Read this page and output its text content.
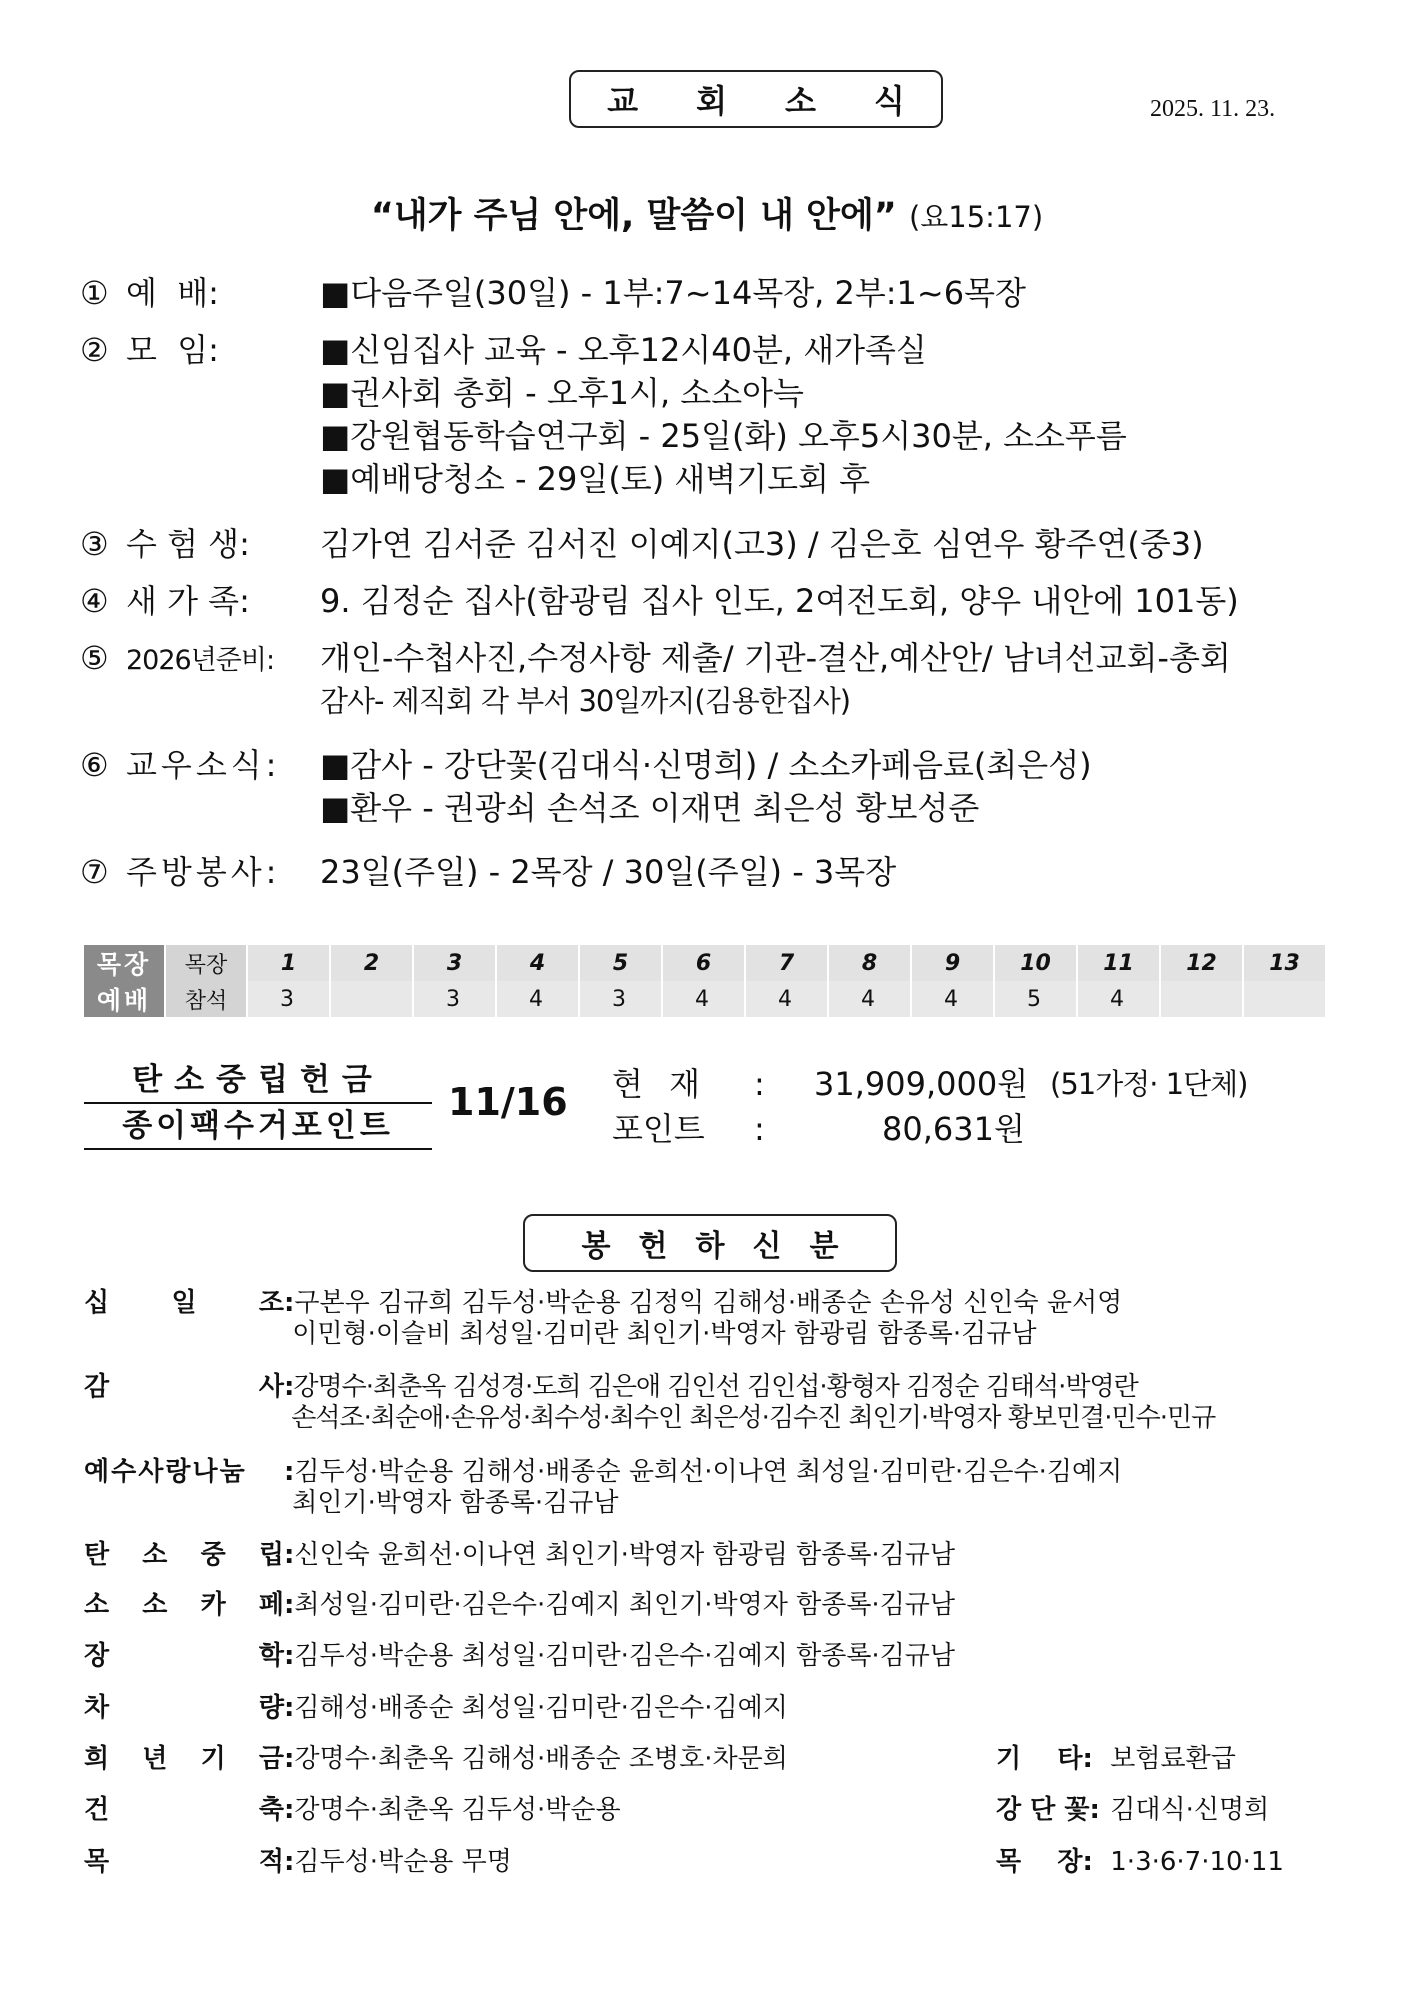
교 회 소 식	2025. 11. 23.
“내가 주님 안에, 말씀이 내 안에” (요15:17)
① 예  배:	■다음주일(30일) - 1부:7~14목장, 2부:1~6목장
② 모  임:	■신임집사 교육 - 오후12시40분, 새가족실
■권사회 총회 - 오후1시, 소소아늑
■강원협동학습연구회 - 25일(화) 오후5시30분, 소소푸름
■예배당청소 - 29일(토) 새벽기도회 후
③ 수 험 생:	김가연 김서준 김서진 이예지(고3) / 김은호 심연우 황주연(중3)
④ 새 가 족:	9. 김정순 집사(함광림 집사 인도, 2여전도회, 양우 내안에 101동)
⑤ 2026년준비:	개인-수첩사진,수정사항 제출/ 기관-결산,예산안/ 남녀선교회-총회
감사- 제직회 각 부서 30일까지(김용한집사)
⑥ 교우소식:	■감사 - 강단꽃(김대식·신명희) / 소소카페음료(최은성)
■환우 - 권광쇠 손석조 이재면 최은성 황보성준
⑦ 주방봉사:	23일(주일) - 2목장 / 30일(주일) - 3목장
목장	목장	1	2	3	4	5	6	7	8	9	10	11	12	13
예배	참석	3		3	4	3	4	4	4	4	5	4		
탄소중립헌금
종이팩수거포인트
11/16 현 재 : 31,909,000원 (51가정· 1단체)
포인트 :	80,631원
봉 헌 하 신 분
십 일 조 :구본우 김규희 김두성·박순용 김정익 김해성·배종순 손유성 신인숙 윤서영
이민형·이슬비 최성일·김미란 최인기·박영자 함광림 함종록·김규남
감	사 :강명수·최춘옥 김성경·도희 김은애 김인선 김인섭·황형자 김정순 김태석·박영란
손석조·최순애·손유성·최수성·최수인 최은성·김수진 최인기·박영자 황보민결·민수·민규
예수사랑나눔 :김두성·박순용 김해성·배종순 윤희선·이나연 최성일·김미란·김은수·김예지
최인기·박영자 함종록·김규남
탄 소 중 립 :신인숙 윤희선·이나연 최인기·박영자 함광림 함종록·김규남
소 소 카 페 :최성일·김미란·김은수·김예지 최인기·박영자 함종록·김규남
장	학 :김두성·박순용 최성일·김미란·김은수·김예지 함종록·김규남
차	량 :김해성·배종순 최성일·김미란·김은수·김예지
희 년 기 금 :강명수·최춘옥 김해성·배종순 조병호·차문희
건	축 :강명수·최춘옥 김두성·박순용
목	적 :김두성·박순용 무명
기    타: 보험료환급
강 단 꽃: 김대식·신명희
목    장: 1·3·6·7·10·11
